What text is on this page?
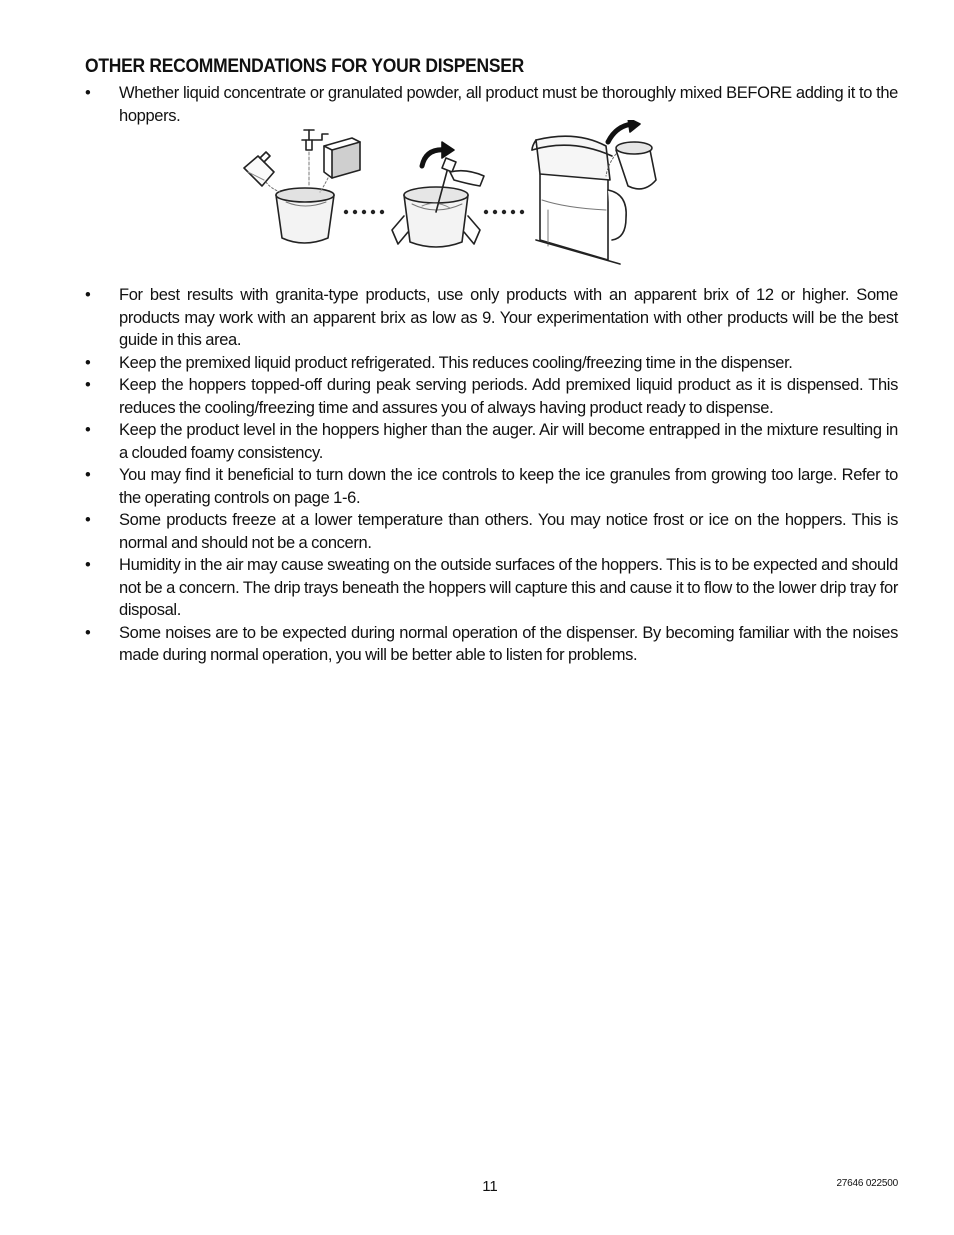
OTHER RECOMMENDATIONS FOR YOUR DISPENSER
• Whether liquid concentrate or granulated powder, all product must be thoroughly mixed BEFORE adding it to the hoppers.
• For best results with granita-type products, use only products with an apparent brix of 12 or higher. Some products may work with an apparent brix as low as 9. Your experimentation with other products will be the best guide in this area.
• Keep the premixed liquid product refrigerated. This reduces cooling/freezing time in the dispenser.
• Keep the hoppers topped-off during peak serving periods. Add premixed liquid product as it is dispensed. This reduces the cooling/freezing time and assures you of always having product ready to dispense.
• Keep the product level in the hoppers higher than the auger. Air will become entrapped in the mixture resulting in a clouded foamy consistency.
• You may find it beneficial to turn down the ice controls to keep the ice granules from growing too large. Refer to the operating controls on page 1-6.
• Some products freeze at a lower temperature than others. You may notice frost or ice on the hoppers. This is normal and should not be a concern.
• Humidity in the air may cause sweating on the outside surfaces of the hoppers. This is to be expected and should not be a concern. The drip trays beneath the hoppers will capture this and cause it to flow to the lower drip tray for disposal.
• Some noises are to be expected during normal operation of the dispenser. By becoming familiar with the noises made during normal operation, you will be better able to listen for problems.
11	27646 022500
